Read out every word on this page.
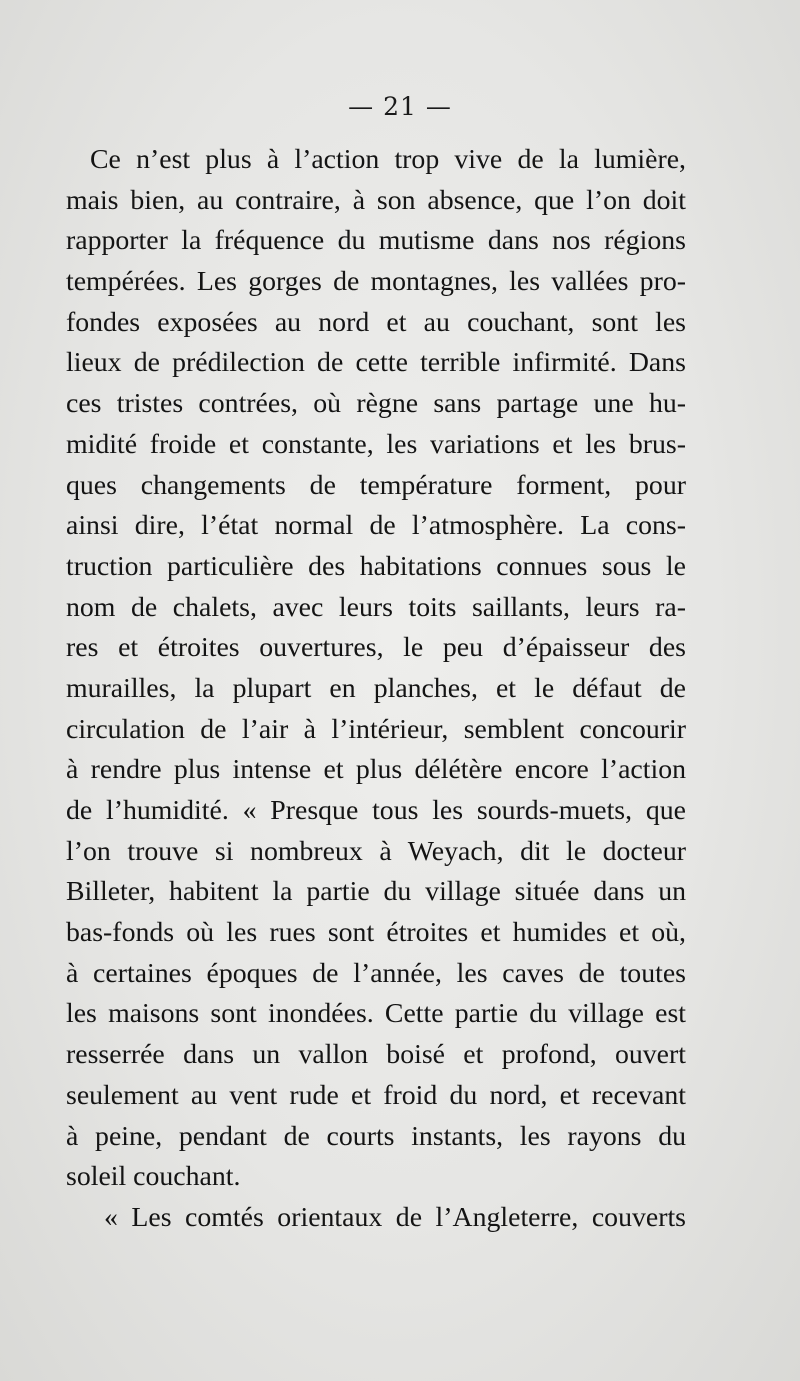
— 21 —
Ce n’est plus à l’action trop vive de la lumière,
mais bien, au contraire, à son absence, que l’on doit
rapporter la fréquence du mutisme dans nos régions
tempérées. Les gorges de montagnes, les vallées pro-
fondes exposées au nord et au couchant, sont les
lieux de prédilection de cette terrible infirmité. Dans
ces tristes contrées, où règne sans partage une hu-
midité froide et constante, les variations et les brus-
ques changements de température forment, pour
ainsi dire, l’état normal de l’atmosphère. La cons-
truction particulière des habitations connues sous le
nom de chalets, avec leurs toits saillants, leurs ra-
res et étroites ouvertures, le peu d’épaisseur des
murailles, la plupart en planches, et le défaut de
circulation de l’air à l’intérieur, semblent concourir
à rendre plus intense et plus délétère encore l’action
de l’humidité. « Presque tous les sourds-muets, que
l’on trouve si nombreux à Weyach, dit le docteur
Billeter, habitent la partie du village située dans un
bas-fonds où les rues sont étroites et humides et où,
à certaines époques de l’année, les caves de toutes
les maisons sont inondées. Cette partie du village est
resserrée dans un vallon boisé et profond, ouvert
seulement au vent rude et froid du nord, et recevant
à peine, pendant de courts instants, les rayons du
soleil couchant.
« Les comtés orientaux de l’Angleterre, couverts
